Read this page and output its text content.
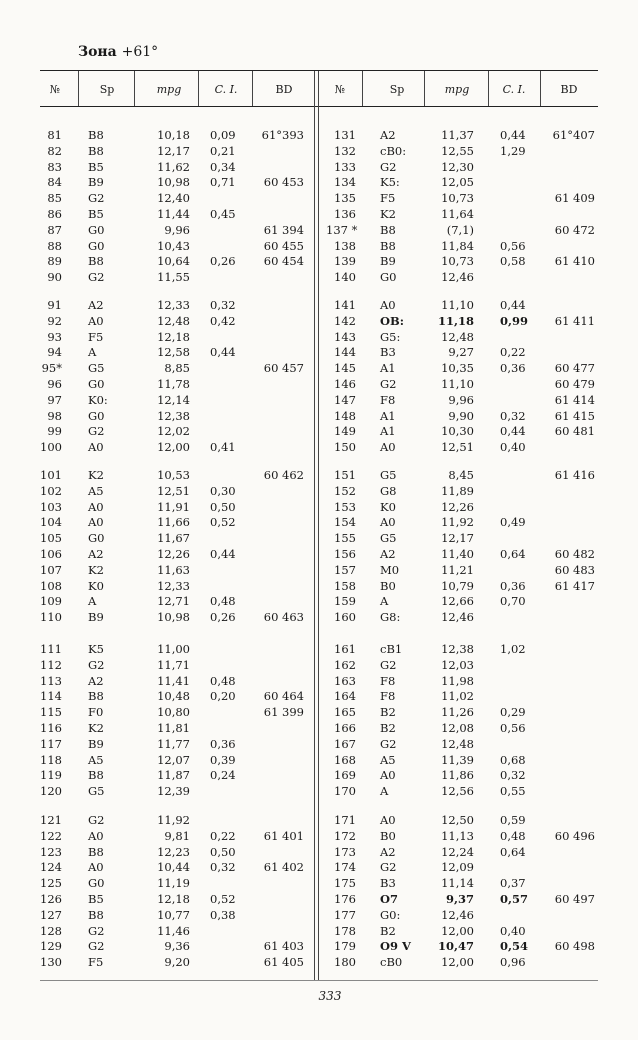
Зона +61°
№	Sp	mpg	C. I.	BD	№	Sp	mpg	C. I.	BD
81 B8	10,18 0,09	61°393
82 B8	12,17 0,21
83 B5	11,62 0,34
84 B9	10,98 0,71	60 453
85 G2	12,40
86 B5	11,44 0,45
87 G0	9,96	61 394
88 G0	10,43	60 455
89 B8	10,64 0,26	60 454
90 G2	11,55
131 A2	11,37 0,44	61°407
132 cB0:	12,55 1,29
133 G2	12,30
134 K5:	12,05
135 F5	10,73	61 409
136 K2	11,64
137 * B8	(7,1)	60 472
138 B8	11,84 0,56
139 B9	10,73 0,58	61 410
140 G0	12,46
91 A2	12,33 0,32
92 A0	12,48 0,42
93 F5	12,18
94 A	12,58 0,44
95* G5	8,85	60 457
96 G0	11,78
97 K0:	12,14
98 G0	12,38
99 G2	12,02
100 A0	12,00 0,41
141 A0	11,10 0,44
142 OB:	11,18 0,99	61 411
143 G5:	12,48
144 B3	9,27 0,22
145 A1	10,35 0,36	60 477
146 G2	11,10	60 479
147 F8	9,96	61 414
148 A1	9,90 0,32	61 415
149 A1	10,30 0,44	60 481
150 A0	12,51 0,40
101 K2	10,53	60 462
102 A5	12,51 0,30
103 A0	11,91 0,50
104 A0	11,66 0,52
105 G0	11,67
106 A2	12,26 0,44
107 K2	11,63
108 K0	12,33
109 A	12,71 0,48
110 B9	10,98 0,26	60 463
151 G5	8,45	61 416
152 G8	11,89
153 K0	12,26
154 A0	11,92 0,49
155 G5	12,17
156 A2	11,40 0,64	60 482
157 M0	11,21	60 483
158 B0	10,79 0,36	61 417
159 A	12,66 0,70
160 G8:	12,46
111 K5	11,00
112 G2	11,71
113 A2	11,41 0,48
114 B8	10,48 0,20	60 464
115 F0	10,80	61 399
116 K2	11,81
117 B9	11,77 0,36
118 A5	12,07 0,39
119 B8	11,87 0,24
120 G5	12,39
161 cB1	12,38 1,02
162 G2	12,03
163 F8	11,98
164 F8	11,02
165 B2	11,26 0,29
166 B2	12,08 0,56
167 G2	12,48
168 A5	11,39 0,68
169 A0	11,86 0,32
170 A	12,56 0,55
121 G2	11,92
122 A0	9,81 0,22	61 401
123 B8	12,23 0,50
124 A0	10,44 0,32	61 402
125 G0	11,19
126 B5	12,18 0,52
127 B8	10,77 0,38
128 G2	11,46
129 G2	9,36	61 403
130 F5	9,20	61 405
171 A0	12,50 0,59
172 B0	11,13 0,48	60 496
173 A2	12,24 0,64
174 G2	12,09
175 B3	11,14 0,37
176 O7	9,37 0,57	60 497
177 G0:	12,46
178 B2	12,00 0,40
179 O9 V	10,47 0,54	60 498
180 cB0	12,00 0,96
333
